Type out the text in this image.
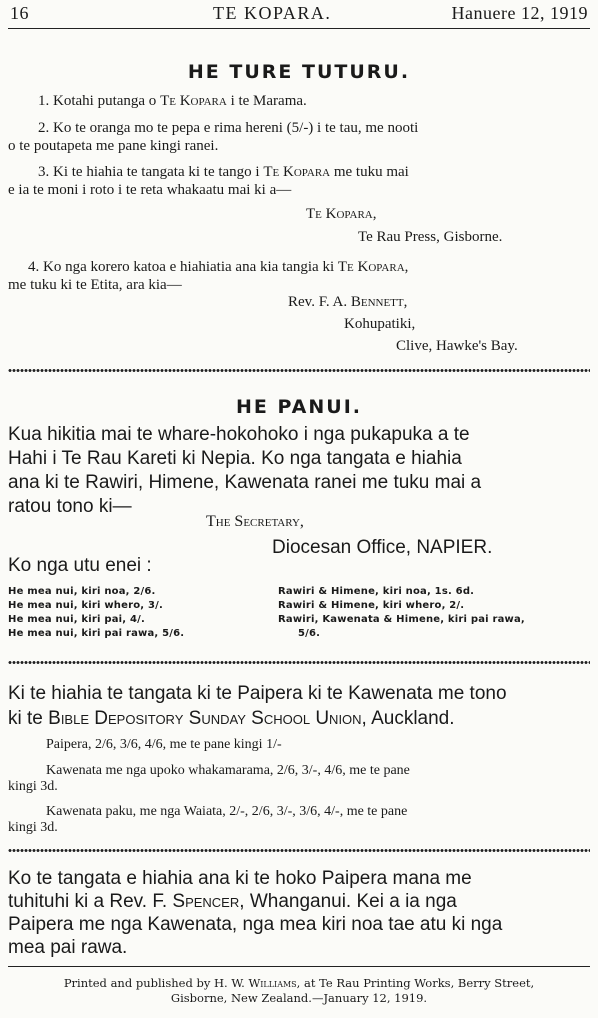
16	TE KOPARA.	Hanuere 12, 1919
HE TURE TUTURU.
1. Kotahi putanga o Te Kopara i te Marama.
2. Ko te oranga mo te pepa e rima hereni (5/-) i te tau, me nooti
o te poutapeta me pane kingi ranei.
3. Ki te hiahia te tangata ki te tango i Te Kopara me tuku mai
e ia te moni i roto i te reta whakaatu mai ki a—
Te Kopara,
Te Rau Press, Gisborne.
4. Ko nga korero katoa e hiahiatia ana kia tangia ki Te Kopara,
me tuku ki te Etita, ara kia—
Rev. F. A. Bennett,
Kohupatiki,
Clive, Hawke's Bay.
HE PANUI.
Kua hikitia mai te whare-hokohoko i nga pukapuka a te
Hahi i Te Rau Kareti ki Nepia. Ko nga tangata e hiahia
ana ki te Rawiri, Himene, Kawenata ranei me tuku mai a
ratou tono ki—
The Secretary,
Diocesan Office, NAPIER.
Ko nga utu enei :
He mea nui, kiri noa, 2/6.
He mea nui, kiri whero, 3/.
He mea nui, kiri pai, 4/.
He mea nui, kiri pai rawa, 5/6.
Rawiri & Himene, kiri noa, 1s. 6d.
Rawiri & Himene, kiri whero, 2/.
Rawiri, Kawenata & Himene, kiri pai rawa,
5/6.
Ki te hiahia te tangata ki te Paipera ki te Kawenata me tono
ki te Bible Depository Sunday School Union, Auckland.
Paipera, 2/6, 3/6, 4/6, me te pane kingi 1/-
Kawenata me nga upoko whakamarama, 2/6, 3/-, 4/6, me te pane
kingi 3d.
Kawenata paku, me nga Waiata, 2/-, 2/6, 3/-, 3/6, 4/-, me te pane
kingi 3d.
Ko te tangata e hiahia ana ki te hoko Paipera mana me
tuhituhi ki a Rev. F. Spencer, Whanganui. Kei a ia nga
Paipera me nga Kawenata, nga mea kiri noa tae atu ki nga
mea pai rawa.
Printed and published by H. W. Williams, at Te Rau Printing Works, Berry Street,
Gisborne, New Zealand.—January 12, 1919.
